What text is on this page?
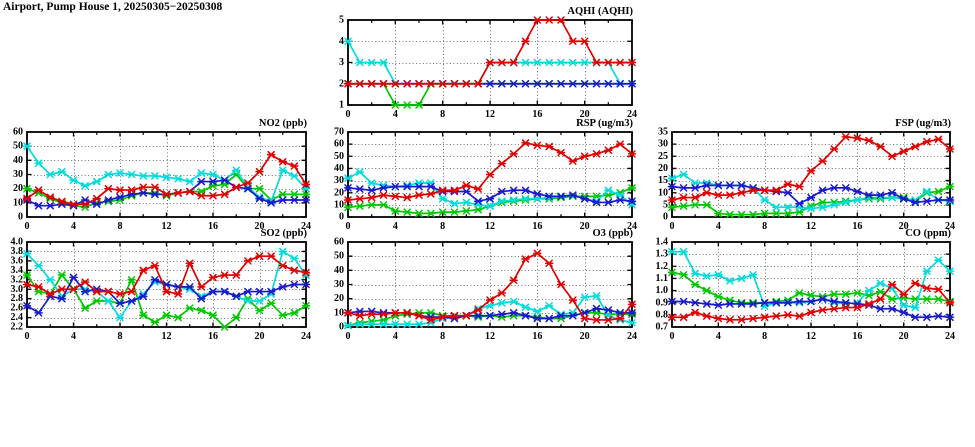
Airport, Pump House 1, 20250305−20250308	AQHI (AQHI)
NO2 (ppb)	RSP (ug/m3)	FSP (ug/m3)
SO2 (ppb)	O3 (ppb)	CO (ppm)
